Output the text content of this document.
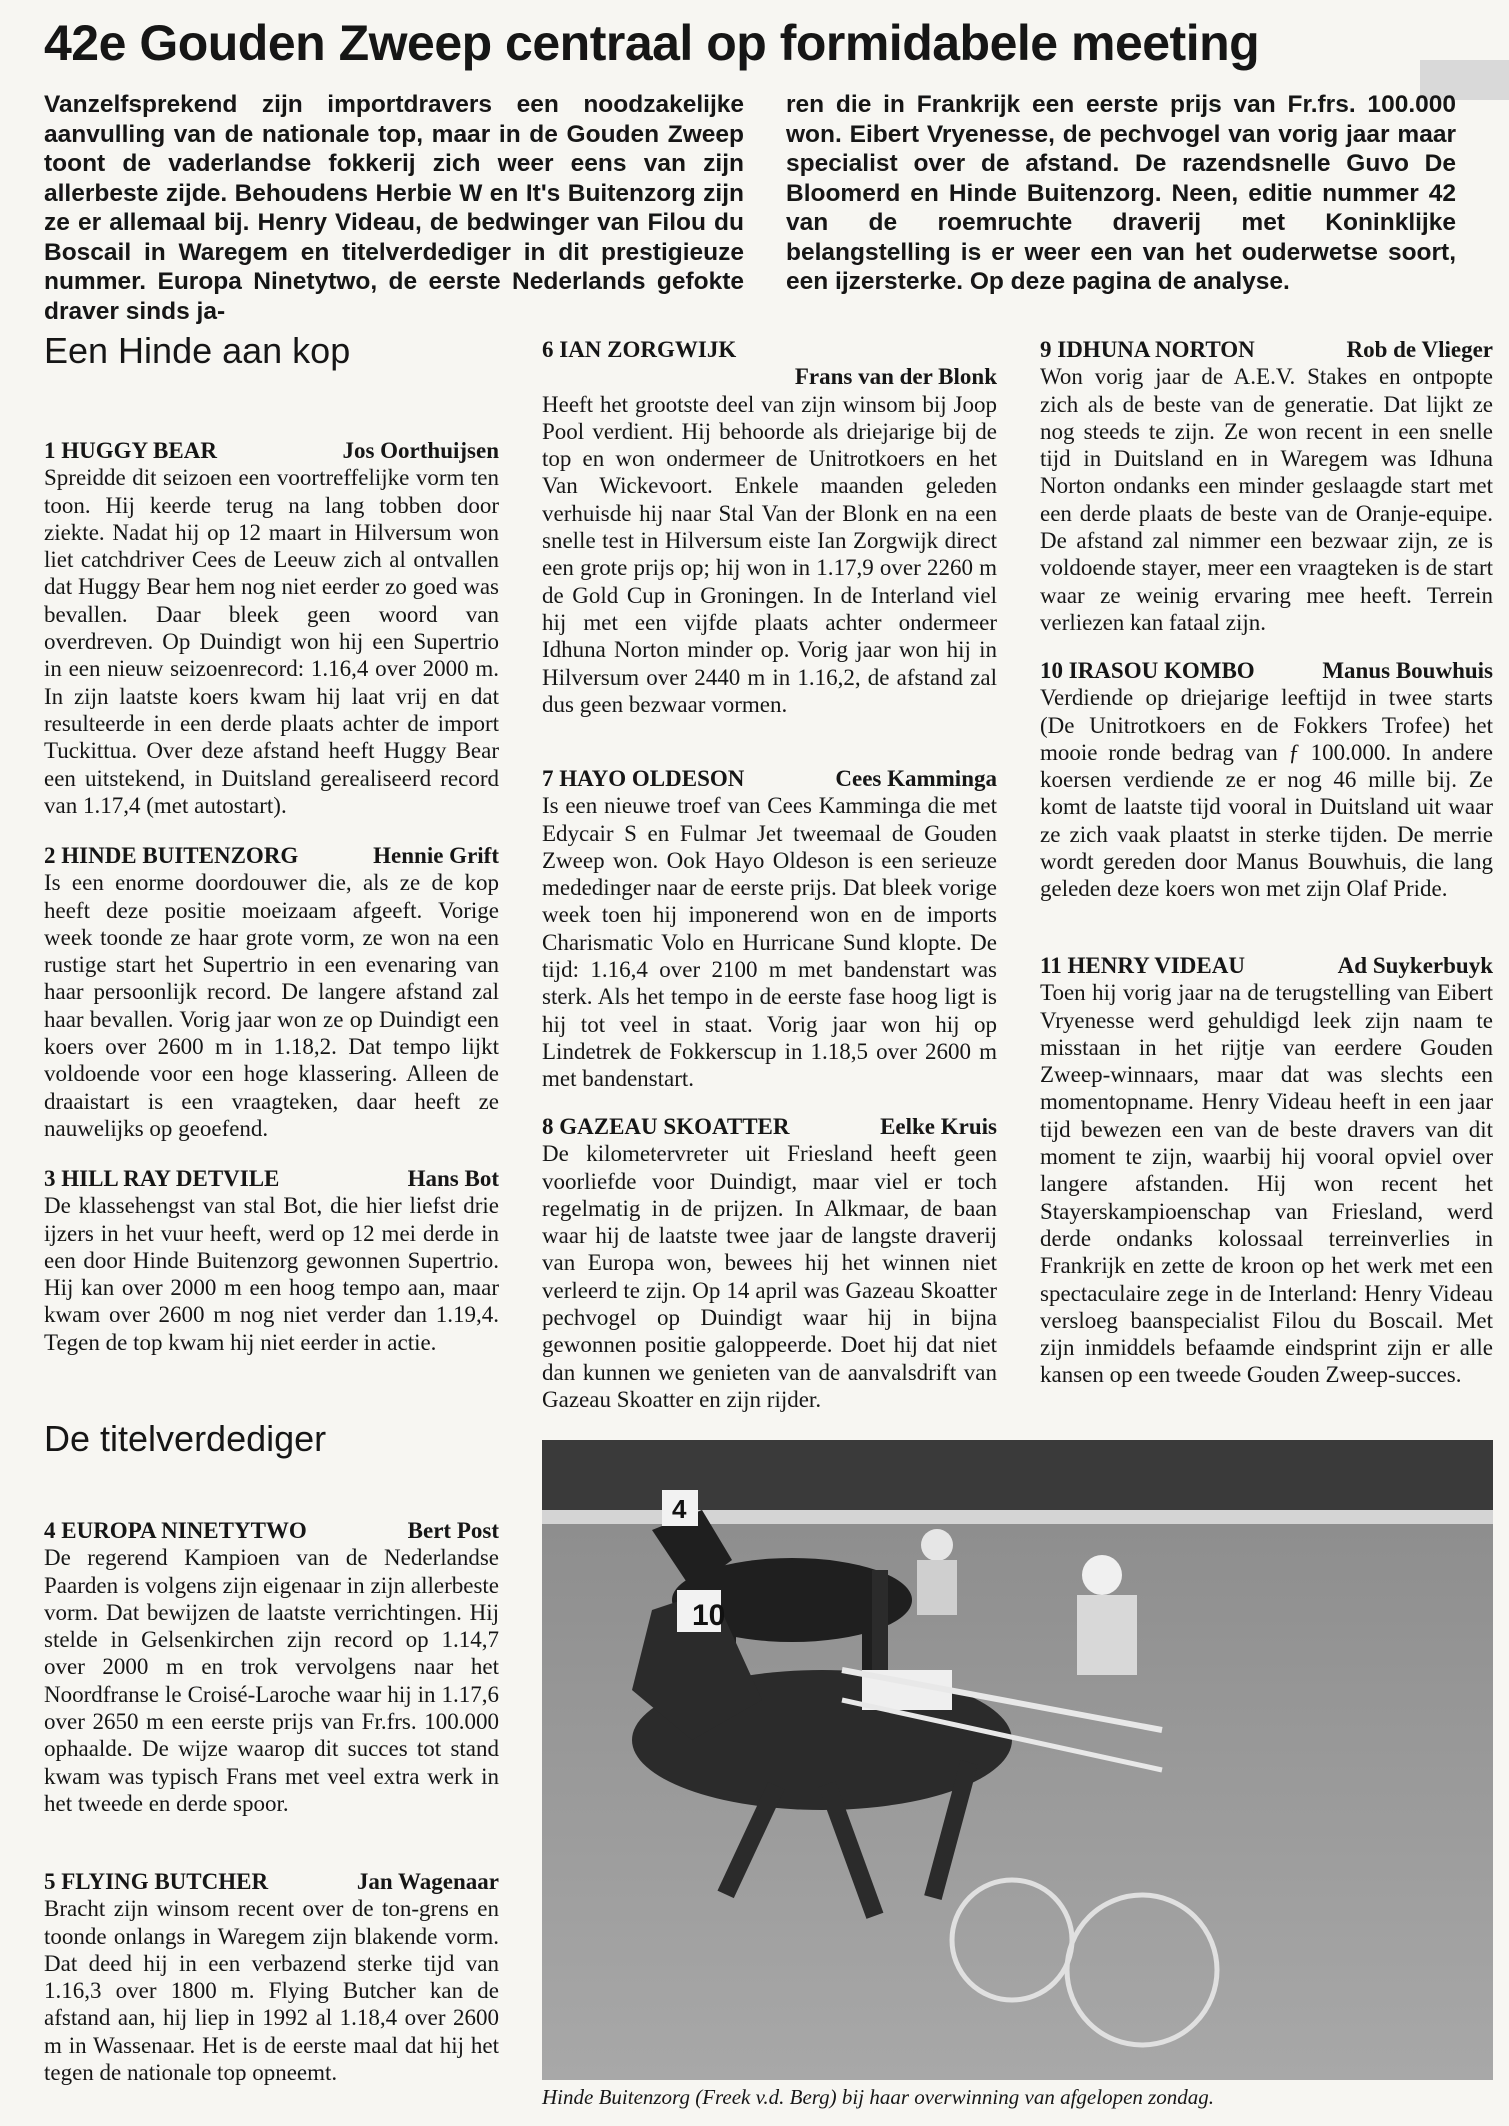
42e Gouden Zweep centraal op formidabele meeting

Vanzelfsprekend zijn importdravers een noodzakelijke aanvulling van de nationale top, maar in de Gouden Zweep toont de vaderlandse fokkerij zich weer eens van zijn allerbeste zijde. Behoudens Herbie W en It's Buitenzorg zijn ze er allemaal bij. Henry Videau, de bedwinger van Filou du Boscail in Waregem en titelverdediger in dit prestigieuze nummer. Europa Ninetytwo, de eerste Nederlands gefokte draver sinds ja-

ren die in Frankrijk een eerste prijs van Fr.frs. 100.000 won. Eibert Vryenesse, de pechvogel van vorig jaar maar specialist over de afstand. De razendsnelle Guvo De Bloomerd en Hinde Buitenzorg. Neen, editie nummer 42 van de roemruchte draverij met Koninklijke belangstelling is er weer een van het ouderwetse soort, een ijzersterke. Op deze pagina de analyse.

Een Hinde aan kop
De titelverdediger
1 HUGGY BEAR	Jos Oorthuijsen

Spreidde dit seizoen een voortreffelijke vorm ten toon. Hij keerde terug na lang tobben door ziekte. Nadat hij op 12 maart in Hilversum won liet catchdriver Cees de Leeuw zich al ontvallen dat Huggy Bear hem nog niet eerder zo goed was bevallen. Daar bleek geen woord van overdreven. Op Duindigt won hij een Supertrio in een nieuw seizoenrecord: 1.16,4 over 2000 m. In zijn laatste koers kwam hij laat vrij en dat resulteerde in een derde plaats achter de import Tuckittua. Over deze afstand heeft Huggy Bear een uitstekend, in Duitsland gerealiseerd record van 1.17,4 (met autostart).

2 HINDE BUITENZORG	Hennie Grift

Is een enorme doordouwer die, als ze de kop heeft deze positie moeizaam afgeeft. Vorige week toonde ze haar grote vorm, ze won na een rustige start het Supertrio in een evenaring van haar persoonlijk record. De langere afstand zal haar bevallen. Vorig jaar won ze op Duindigt een koers over 2600 m in 1.18,2. Dat tempo lijkt voldoende voor een hoge klassering. Alleen de draaistart is een vraagteken, daar heeft ze nauwelijks op geoefend.

3 HILL RAY DETVILE	Hans Bot

De klassehengst van stal Bot, die hier liefst drie ijzers in het vuur heeft, werd op 12 mei derde in een door Hinde Buitenzorg gewonnen Supertrio. Hij kan over 2000 m een hoog tempo aan, maar kwam over 2600 m nog niet verder dan 1.19,4. Tegen de top kwam hij niet eerder in actie.

4 EUROPA NINETYTWO	Bert Post

De regerend Kampioen van de Nederlandse Paarden is volgens zijn eigenaar in zijn allerbeste vorm. Dat bewijzen de laatste verrichtingen. Hij stelde in Gelsenkirchen zijn record op 1.14,7 over 2000 m en trok vervolgens naar het Noordfranse le Croisé-Laroche waar hij in 1.17,6 over 2650 m een eerste prijs van Fr.frs. 100.000 ophaalde. De wijze waarop dit succes tot stand kwam was typisch Frans met veel extra werk in het tweede en derde spoor.

5 FLYING BUTCHER	Jan Wagenaar

Bracht zijn winsom recent over de ton-grens en toonde onlangs in Waregem zijn blakende vorm. Dat deed hij in een verbazend sterke tijd van 1.16,3 over 1800 m. Flying Butcher kan de afstand aan, hij liep in 1992 al 1.18,4 over 2600 m in Wassenaar. Het is de eerste maal dat hij het tegen de nationale top opneemt.

6 IAN ZORGWIJK
Frans van der Blonk

Heeft het grootste deel van zijn winsom bij Joop Pool verdient. Hij behoorde als driejarige bij de top en won ondermeer de Unitrotkoers en het Van Wickevoort. Enkele maanden geleden verhuisde hij naar Stal Van der Blonk en na een snelle test in Hilversum eiste Ian Zorgwijk direct een grote prijs op; hij won in 1.17,9 over 2260 m de Gold Cup in Groningen. In de Interland viel hij met een vijfde plaats achter ondermeer Idhuna Norton minder op. Vorig jaar won hij in Hilversum over 2440 m in 1.16,2, de afstand zal dus geen bezwaar vormen.

7 HAYO OLDESON	Cees Kamminga

Is een nieuwe troef van Cees Kamminga die met Edycair S en Fulmar Jet tweemaal de Gouden Zweep won. Ook Hayo Oldeson is een serieuze mededinger naar de eerste prijs. Dat bleek vorige week toen hij imponerend won en de imports Charismatic Volo en Hurricane Sund klopte. De tijd: 1.16,4 over 2100 m met bandenstart was sterk. Als het tempo in de eerste fase hoog ligt is hij tot veel in staat. Vorig jaar won hij op Lindetrek de Fokkerscup in 1.18,5 over 2600 m met bandenstart.

8 GAZEAU SKOATTER	Eelke Kruis

De kilometervreter uit Friesland heeft geen voorliefde voor Duindigt, maar viel er toch regelmatig in de prijzen. In Alkmaar, de baan waar hij de laatste twee jaar de langste draverij van Europa won, bewees hij het winnen niet verleerd te zijn. Op 14 april was Gazeau Skoatter pechvogel op Duindigt waar hij in bijna gewonnen positie galoppeerde. Doet hij dat niet dan kunnen we genieten van de aanvalsdrift van Gazeau Skoatter en zijn rijder.

9 IDHUNA NORTON	Rob de Vlieger

Won vorig jaar de A.E.V. Stakes en ontpopte zich als de beste van de generatie. Dat lijkt ze nog steeds te zijn. Ze won recent in een snelle tijd in Duitsland en in Waregem was Idhuna Norton ondanks een minder geslaagde start met een derde plaats de beste van de Oranje-equipe. De afstand zal nimmer een bezwaar zijn, ze is voldoende stayer, meer een vraagteken is de start waar ze weinig ervaring mee heeft. Terrein verliezen kan fataal zijn.

10 IRASOU KOMBO	Manus Bouwhuis

Verdiende op driejarige leeftijd in twee starts (De Unitrotkoers en de Fokkers Trofee) het mooie ronde bedrag van ƒ 100.000. In andere koersen verdiende ze er nog 46 mille bij. Ze komt de laatste tijd vooral in Duitsland uit waar ze zich vaak plaatst in sterke tijden. De merrie wordt gereden door Manus Bouwhuis, die lang geleden deze koers won met zijn Olaf Pride.

11 HENRY VIDEAU	Ad Suykerbuyk

Toen hij vorig jaar na de terugstelling van Eibert Vryenesse werd gehuldigd leek zijn naam te misstaan in het rijtje van eerdere Gouden Zweep-winnaars, maar dat was slechts een momentopname. Henry Videau heeft in een jaar tijd bewezen een van de beste dravers van dit moment te zijn, waarbij hij vooral opviel over langere afstanden. Hij won recent het Stayerskampioenschap van Friesland, werd derde ondanks kolossaal terreinverlies in Frankrijk en zette de kroon op het werk met een spectaculaire zege in de Interland: Henry Videau versloeg baanspecialist Filou du Boscail. Met zijn inmiddels befaamde eindsprint zijn er alle kansen op een tweede Gouden Zweep-succes.

10
4

Hinde Buitenzorg (Freek v.d. Berg) bij haar overwinning van afgelopen zondag.
